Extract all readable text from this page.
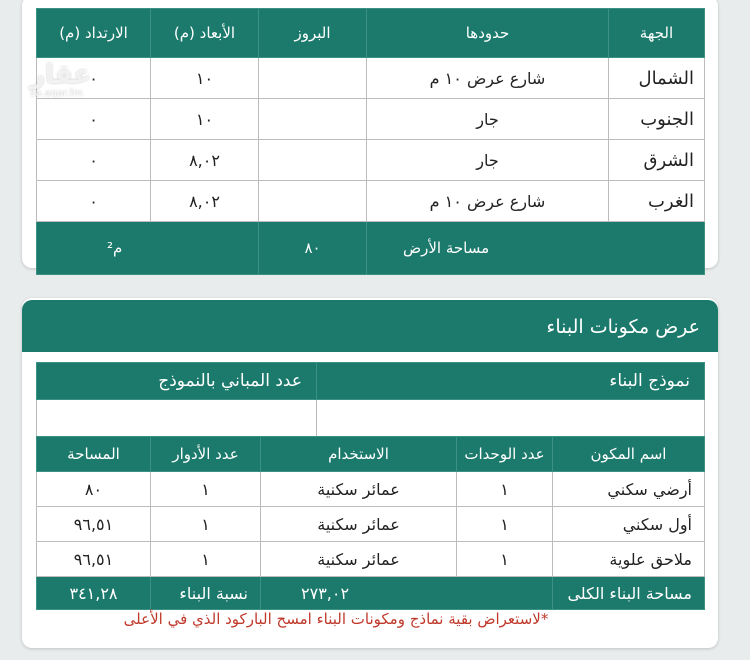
الجهة	حدودها	البروز	الأبعاد (م)	الارتداد (م)
الشمال	شارع عرض ١٠ م		١٠	٠
الجنوب	جار		١٠	٠
الشرق	جار		٨,٠٢	٠
الغرب	شارع عرض ١٠ م		٨,٠٢	٠
مساحة الأرض		٨٠	م²	
عقار
sa.aqar.fm
عرض مكونات البناء
نموذج البناء	عدد المباني بالنموذج

اسم المكون	عدد الوحدات	الاستخدام	عدد الأدوار	المساحة
أرضي سكني	١	عمائر سكنية	١	٨٠
أول سكني	١	عمائر سكنية	١	٩٦,٥١
ملاحق علوية	١	عمائر سكنية	١	٩٦,٥١
مساحة البناء الكلى	٢٧٣,٠٢		نسبة البناء	٣٤١,٢٨
*لاستعراض بقية نماذج ومكونات البناء امسح الباركود الذي في الأعلى
